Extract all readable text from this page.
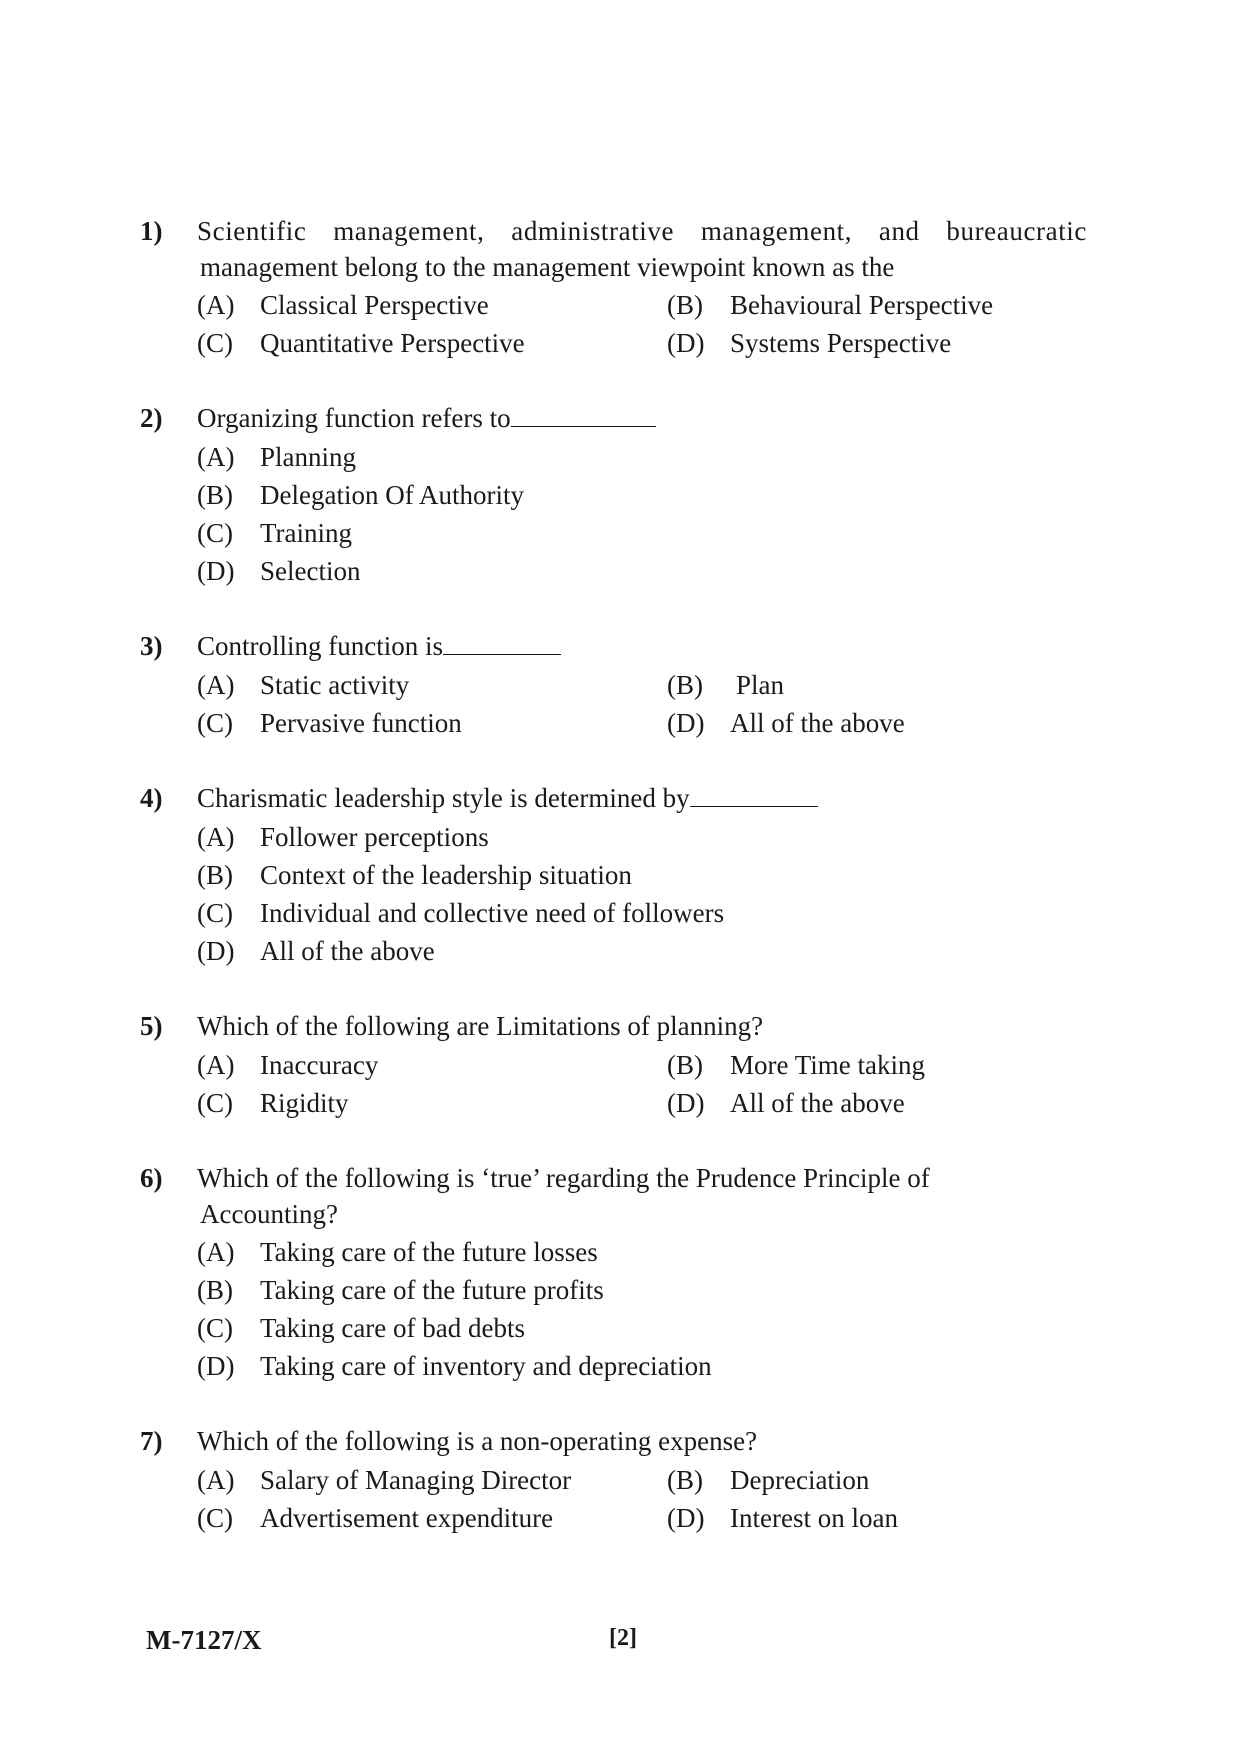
1) Scientific management, administrative management, and bureaucratic
management belong to the management viewpoint known as the
(A) Classical Perspective	(B) Behavioural Perspective
(C) Quantitative Perspective	(D) Systems Perspective
2) Organizing function refers to
(A) Planning
(B) Delegation Of Authority
(C) Training
(D) Selection
3) Controlling function is
(A) Static activity	(B) Plan
(C) Pervasive function	(D) All of the above
4) Charismatic leadership style is determined by
(A) Follower perceptions
(B) Context of the leadership situation
(C) Individual and collective need of followers
(D) All of the above
5) Which of the following are Limitations of planning?
(A) Inaccuracy	(B) More Time taking
(C) Rigidity	(D) All of the above
6) Which of the following is ‘true’ regarding the Prudence Principle of
Accounting?
(A) Taking care of the future losses
(B) Taking care of the future profits
(C) Taking care of bad debts
(D) Taking care of inventory and depreciation
7) Which of the following is a non-operating expense?
(A) Salary of Managing Director	(B) Depreciation
(C) Advertisement expenditure	(D) Interest on loan
M-7127/X	[2]
